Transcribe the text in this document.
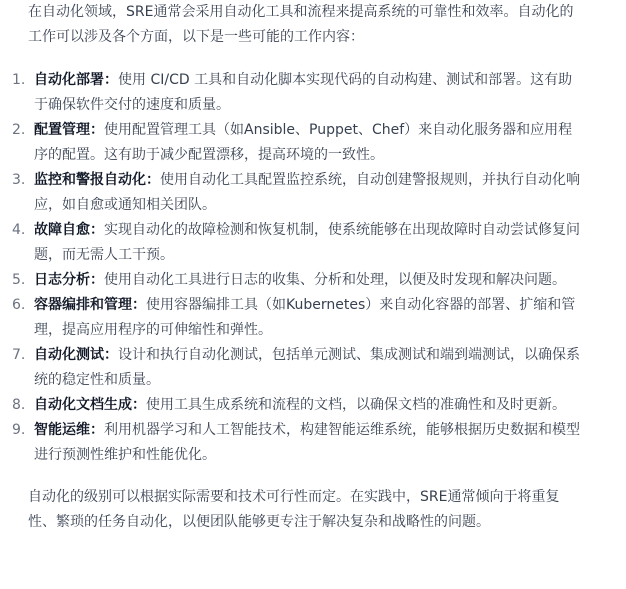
在自动化领域，SRE通常会采用自动化工具和流程来提高系统的可靠性和效率。自动化的工作可以涉及各个方面，以下是一些可能的工作内容：

1. 自动化部署：使用 CI/CD 工具和自动化脚本实现代码的自动构建、测试和部署。这有助于确保软件交付的速度和质量。
2. 配置管理：使用配置管理工具（如Ansible、Puppet、Chef）来自动化服务器和应用程序的配置。这有助于减少配置漂移，提高环境的一致性。
3. 监控和警报自动化：使用自动化工具配置监控系统，自动创建警报规则，并执行自动化响应，如自愈或通知相关团队。
4. 故障自愈：实现自动化的故障检测和恢复机制，使系统能够在出现故障时自动尝试修复问题，而无需人工干预。
5. 日志分析：使用自动化工具进行日志的收集、分析和处理，以便及时发现和解决问题。
6. 容器编排和管理：使用容器编排工具（如Kubernetes）来自动化容器的部署、扩缩和管理，提高应用程序的可伸缩性和弹性。
7. 自动化测试：设计和执行自动化测试，包括单元测试、集成测试和端到端测试，以确保系统的稳定性和质量。
8. 自动化文档生成：使用工具生成系统和流程的文档，以确保文档的准确性和及时更新。
9. 智能运维：利用机器学习和人工智能技术，构建智能运维系统，能够根据历史数据和模型进行预测性维护和性能优化。

自动化的级别可以根据实际需要和技术可行性而定。在实践中，SRE通常倾向于将重复性、繁琐的任务自动化，以便团队能够更专注于解决复杂和战略性的问题。
